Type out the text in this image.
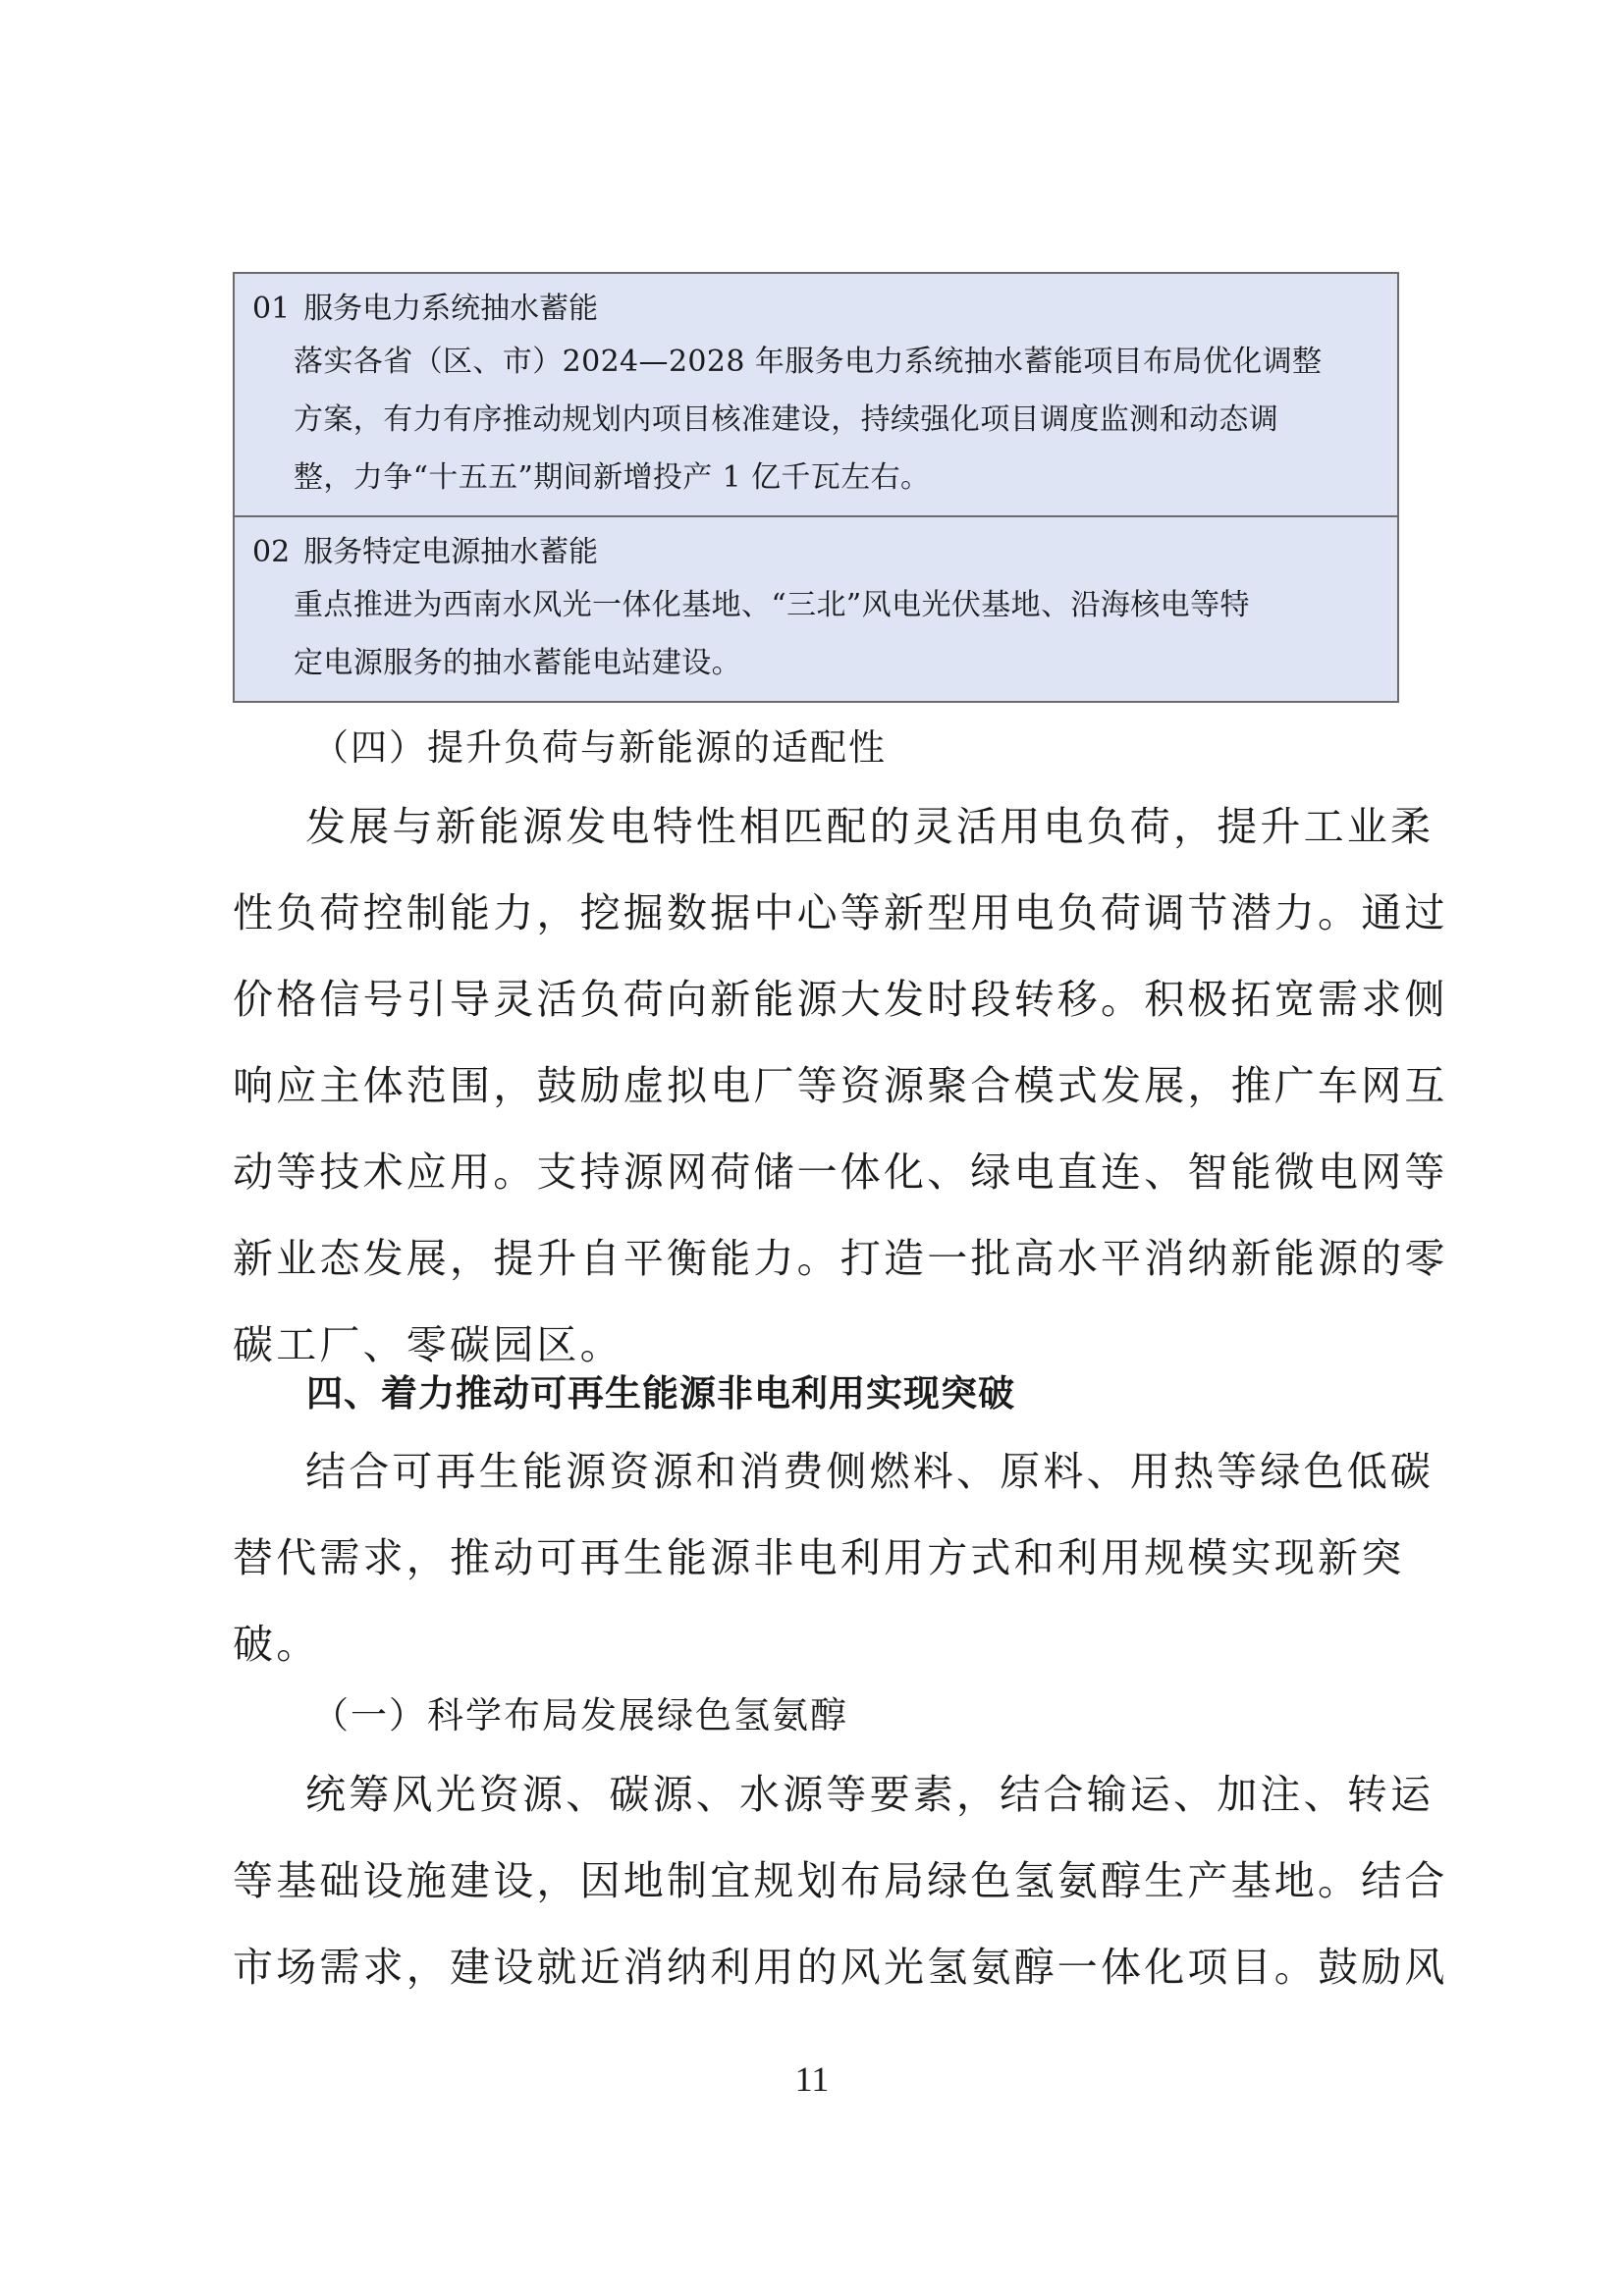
01 服务电力系统抽水蓄能
落实各省（区、市）2024—2028 年服务电力系统抽水蓄能项目布局优化调整
方案，有力有序推动规划内项目核准建设，持续强化项目调度监测和动态调
整，力争“十五五”期间新增投产 1 亿千瓦左右。
02 服务特定电源抽水蓄能
重点推进为西南水风光一体化基地、“三北”风电光伏基地、沿海核电等特
定电源服务的抽水蓄能电站建设。
（四）提升负荷与新能源的适配性
发展与新能源发电特性相匹配的灵活用电负荷，提升工业柔
性负荷控制能力，挖掘数据中心等新型用电负荷调节潜力。通过
价格信号引导灵活负荷向新能源大发时段转移。积极拓宽需求侧
响应主体范围，鼓励虚拟电厂等资源聚合模式发展，推广车网互
动等技术应用。支持源网荷储一体化、绿电直连、智能微电网等
新业态发展，提升自平衡能力。打造一批高水平消纳新能源的零
碳工厂、零碳园区。
四、着力推动可再生能源非电利用实现突破
结合可再生能源资源和消费侧燃料、原料、用热等绿色低碳
替代需求，推动可再生能源非电利用方式和利用规模实现新突
破。
（一）科学布局发展绿色氢氨醇
统筹风光资源、碳源、水源等要素，结合输运、加注、转运
等基础设施建设，因地制宜规划布局绿色氢氨醇生产基地。结合
市场需求，建设就近消纳利用的风光氢氨醇一体化项目。鼓励风
11
